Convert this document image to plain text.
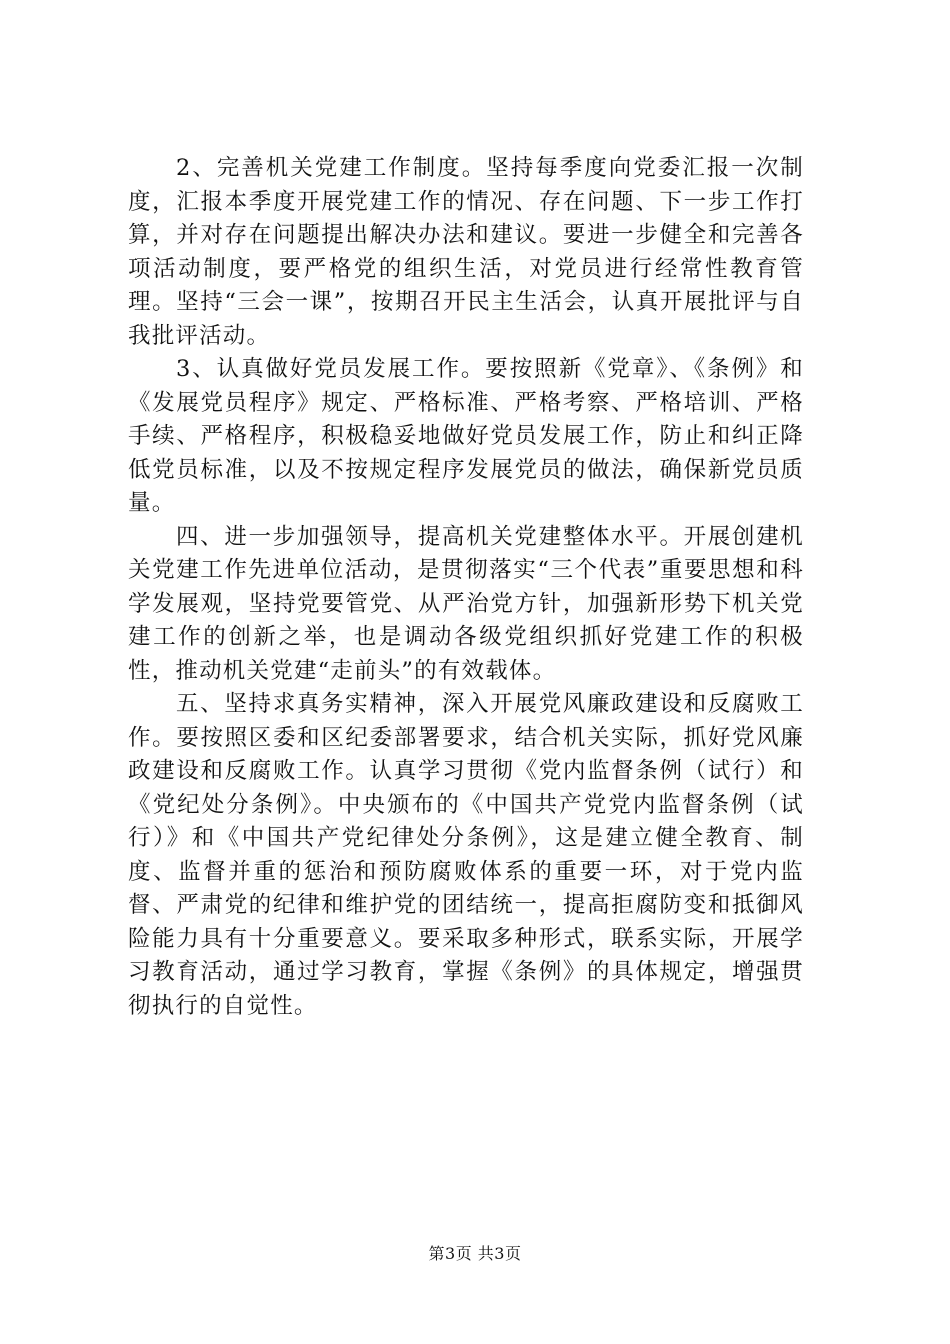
2、完善机关党建工作制度。坚持每季度向党委汇报一次制度，汇报本季度开展党建工作的情况、存在问题、下一步工作打算，并对存在问题提出解决办法和建议。要进一步健全和完善各项活动制度，要严格党的组织生活，对党员进行经常性教育管理。坚持“三会一课”，按期召开民主生活会，认真开展批评与自我批评活动。

3、认真做好党员发展工作。要按照新《党章》、《条例》和《发展党员程序》规定、严格标准、严格考察、严格培训、严格手续、严格程序，积极稳妥地做好党员发展工作，防止和纠正降低党员标准，以及不按规定程序发展党员的做法，确保新党员质量。

四、进一步加强领导，提高机关党建整体水平。开展创建机关党建工作先进单位活动，是贯彻落实“三个代表”重要思想和科学发展观，坚持党要管党、从严治党方针，加强新形势下机关党建工作的创新之举，也是调动各级党组织抓好党建工作的积极性，推动机关党建“走前头”的有效载体。

五、坚持求真务实精神，深入开展党风廉政建设和反腐败工作。要按照区委和区纪委部署要求，结合机关实际，抓好党风廉政建设和反腐败工作。认真学习贯彻《党内监督条例（试行）和《党纪处分条例》。中央颁布的《中国共产党党内监督条例（试行）》和《中国共产党纪律处分条例》，这是建立健全教育、制度、监督并重的惩治和预防腐败体系的重要一环，对于党内监督、严肃党的纪律和维护党的团结统一，提高拒腐防变和抵御风险能力具有十分重要意义。要采取多种形式，联系实际，开展学习教育活动，通过学习教育，掌握《条例》的具体规定，增强贯彻执行的自觉性。

第3页 共3页
